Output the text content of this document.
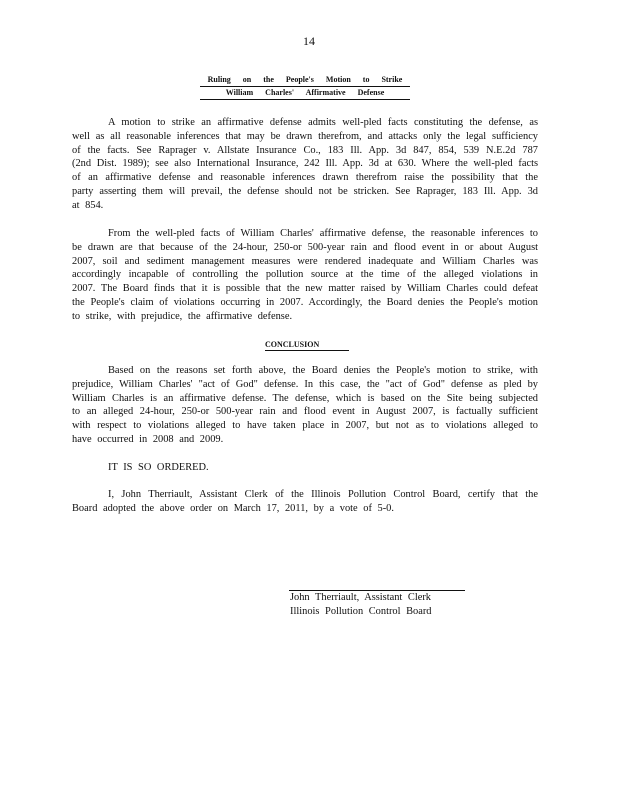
14
Ruling on the People's Motion to Strike
William Charles' Affirmative Defense
A motion to strike an affirmative defense admits well-pled facts constituting the defense, as well as all reasonable inferences that may be drawn therefrom, and attacks only the legal sufficiency of the facts. See Raprager v. Allstate Insurance Co., 183 Ill. App. 3d 847, 854, 539 N.E.2d 787 (2nd Dist. 1989); see also International Insurance, 242 Ill. App. 3d at 630. Where the well-pled facts of an affirmative defense and reasonable inferences drawn therefrom raise the possibility that the party asserting them will prevail, the defense should not be stricken. See Raprager, 183 Ill. App. 3d at 854.
From the well-pled facts of William Charles' affirmative defense, the reasonable inferences to be drawn are that because of the 24-hour, 250-or 500-year rain and flood event in or about August 2007, soil and sediment management measures were rendered inadequate and William Charles was accordingly incapable of controlling the pollution source at the time of the alleged violations in 2007. The Board finds that it is possible that the new matter raised by William Charles could defeat the People's claim of violations occurring in 2007. Accordingly, the Board denies the People's motion to strike, with prejudice, the affirmative defense.
CONCLUSION
Based on the reasons set forth above, the Board denies the People's motion to strike, with prejudice, William Charles' "act of God" defense. In this case, the "act of God" defense as pled by William Charles is an affirmative defense. The defense, which is based on the Site being subjected to an alleged 24-hour, 250-or 500-year rain and flood event in August 2007, is factually sufficient with respect to violations alleged to have taken place in 2007, but not as to violations alleged to have occurred in 2008 and 2009.
IT IS SO ORDERED.
I, John Therriault, Assistant Clerk of the Illinois Pollution Control Board, certify that the Board adopted the above order on March 17, 2011, by a vote of 5-0.
John Therriault, Assistant Clerk
Illinois Pollution Control Board
